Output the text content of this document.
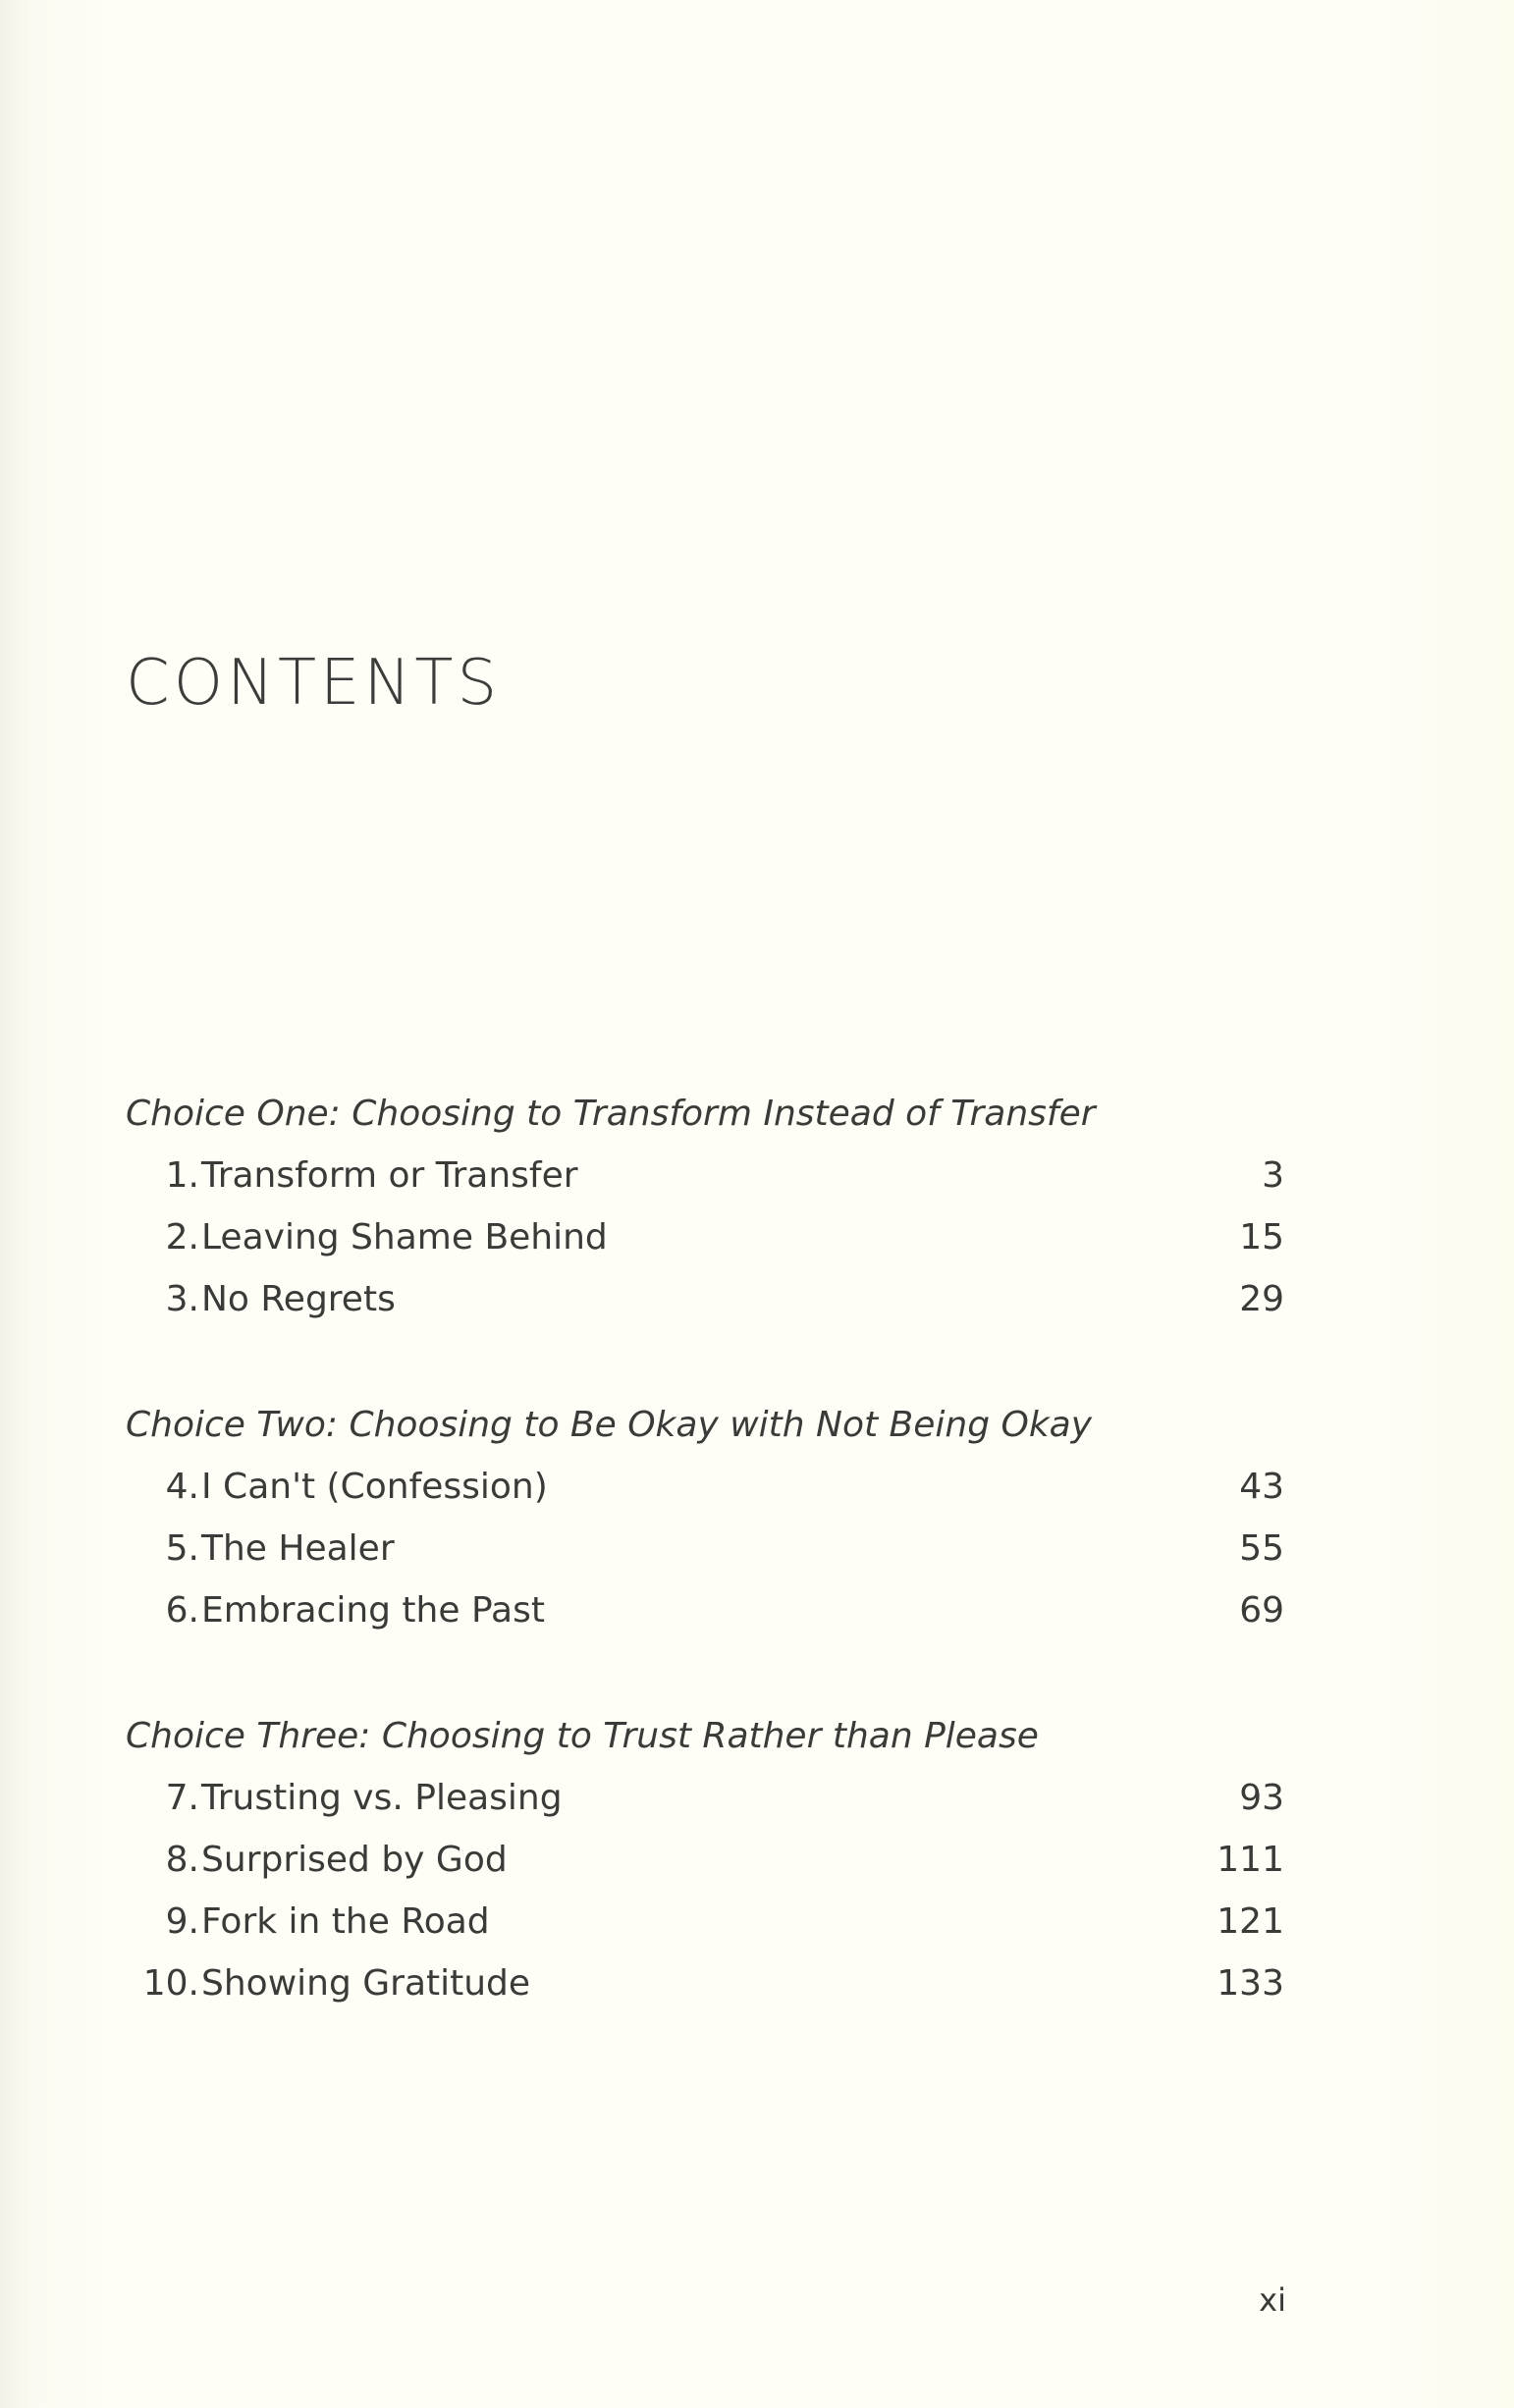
CONTENTS
Choice One: Choosing to Transform Instead of Transfer
1. Transform or Transfer	3
2. Leaving Shame Behind	15
3. No Regrets	29
Choice Two: Choosing to Be Okay with Not Being Okay
4. I Can't (Confession)	43
5. The Healer	55
6. Embracing the Past	69
Choice Three: Choosing to Trust Rather than Please
7. Trusting vs. Pleasing	93
8. Surprised by God	111
9. Fork in the Road	121
10. Showing Gratitude	133
xi
